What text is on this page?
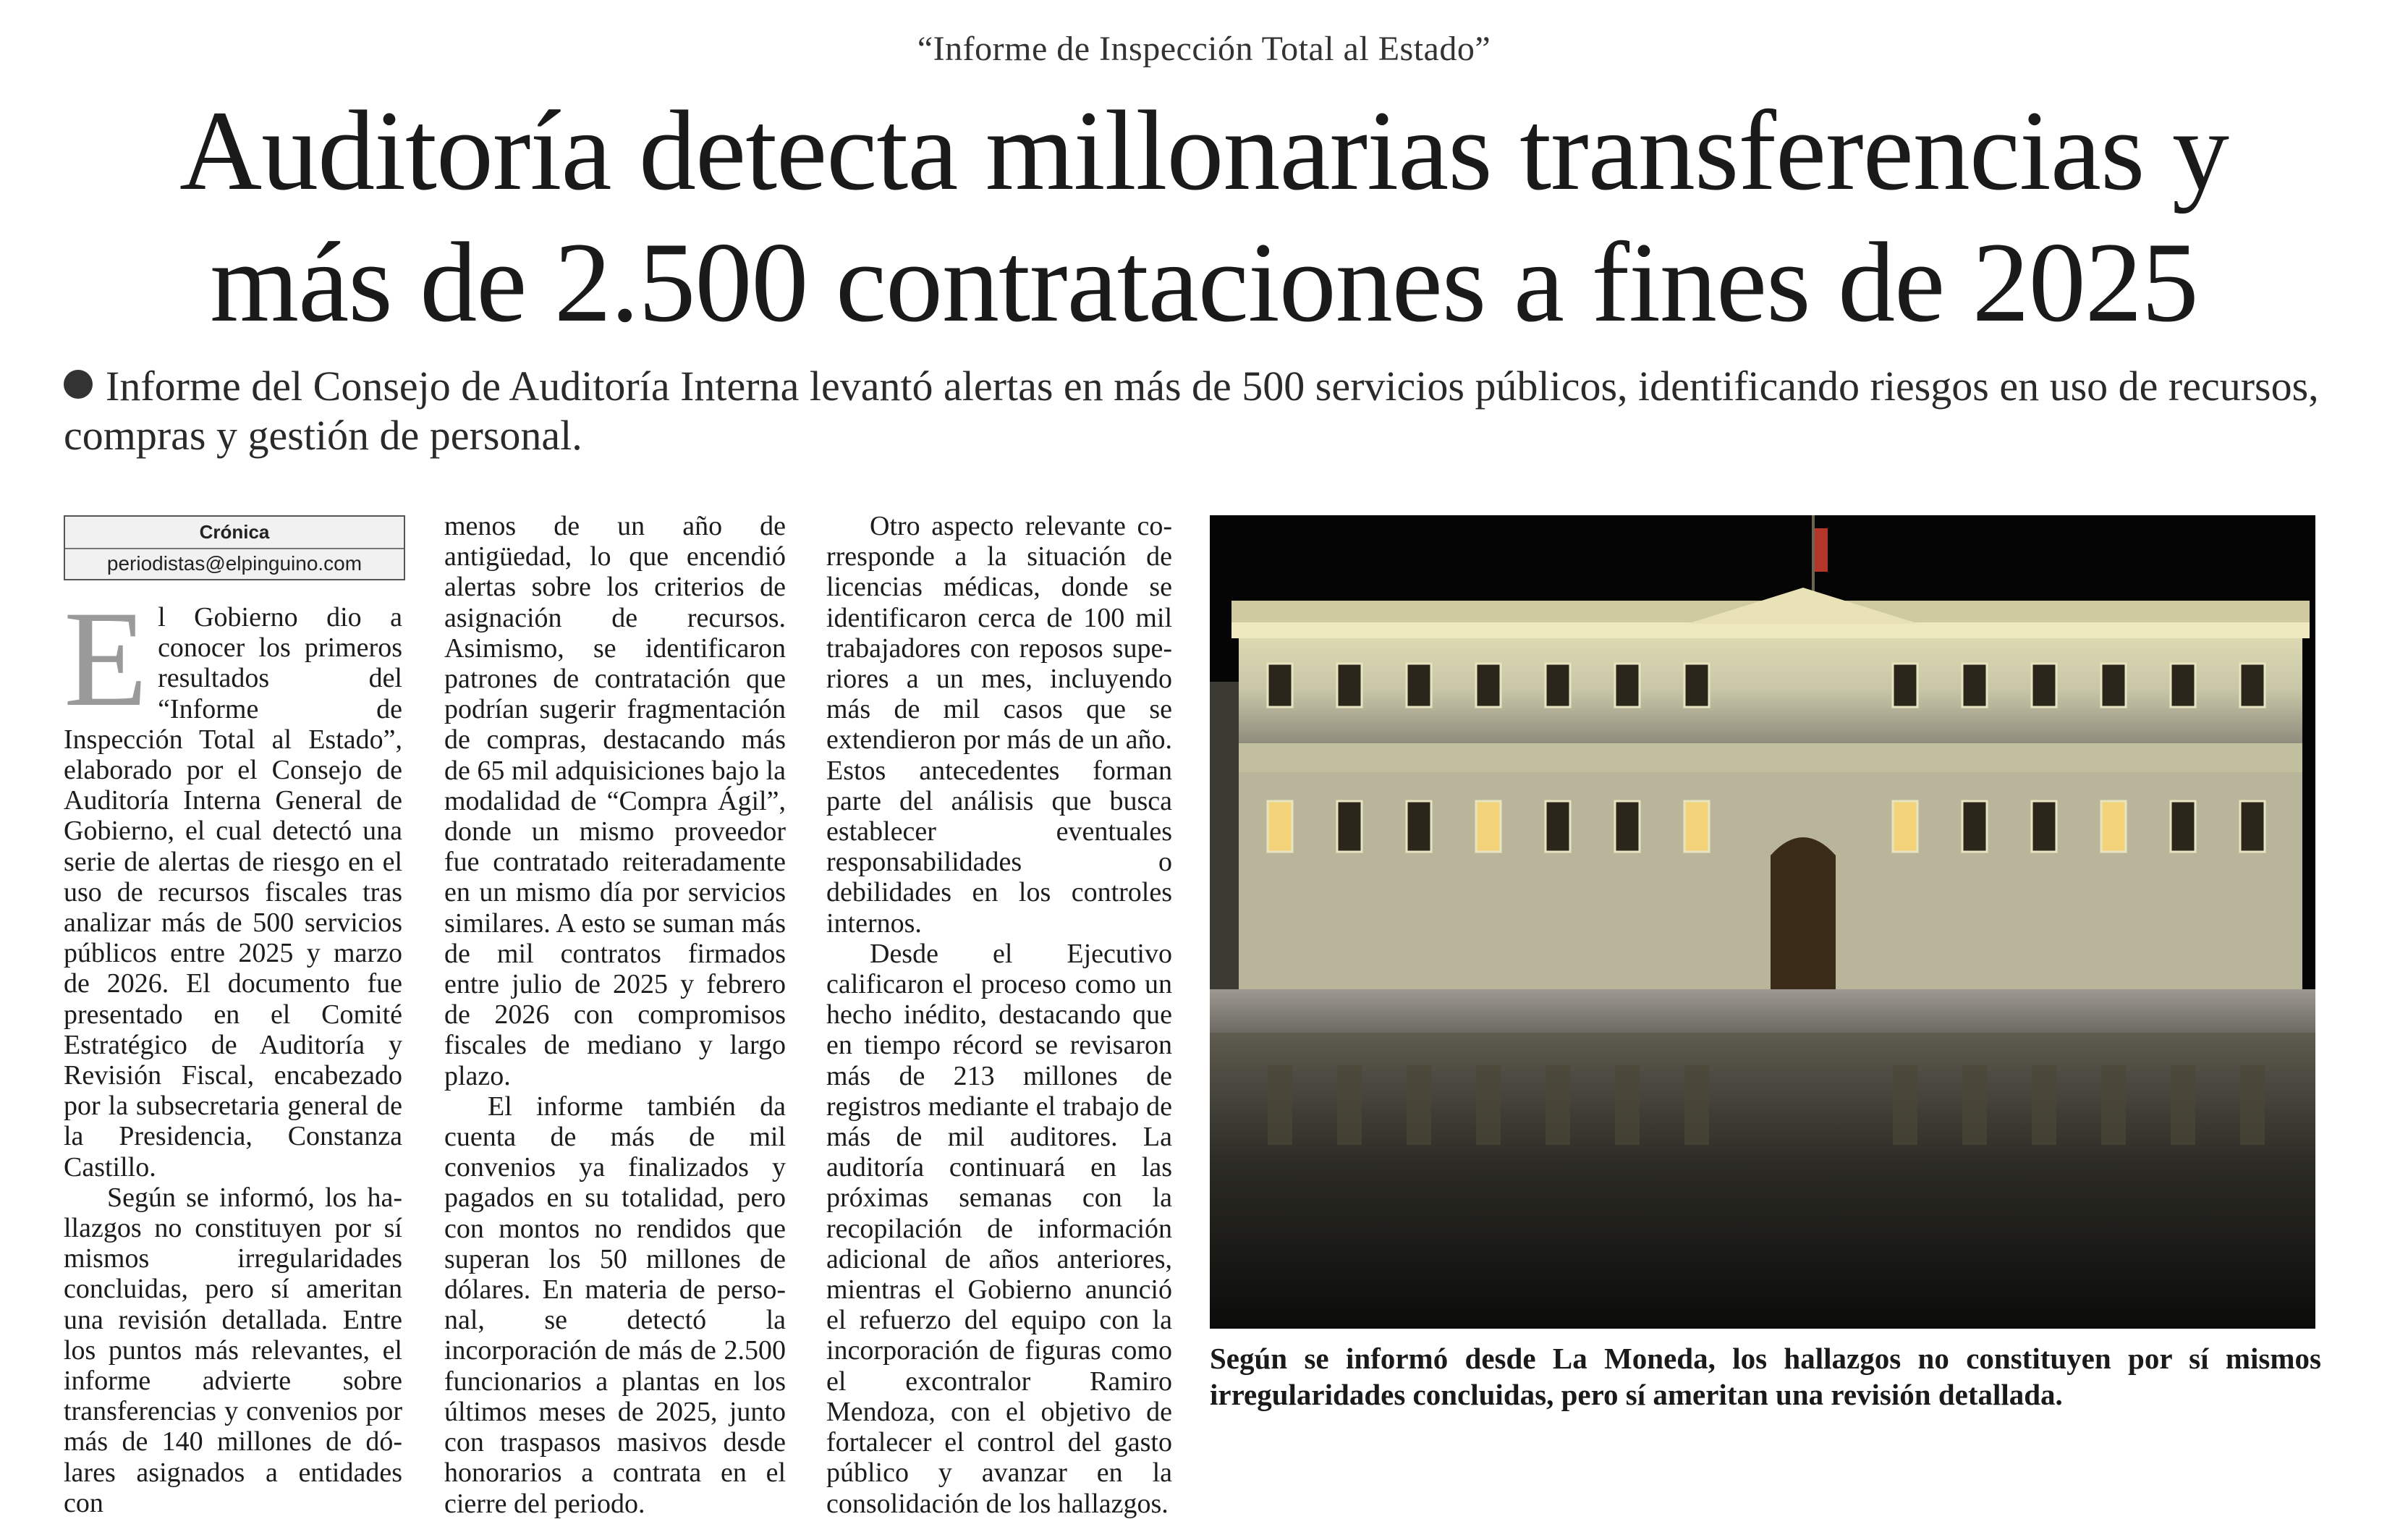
“Informe de Inspección Total al Estado”
Auditoría detecta millonarias transferencias y
más de 2.500 contrataciones a fines de 2025
Informe del Consejo de Auditoría Interna levantó alertas en más de 500 servicios públicos, identificando riesgos en uso de recursos, compras y gestión de personal.
Crónica
periodistas@elpinguino.com

El Gobierno dio a conocer los primeros resultados del “Informe de Inspección Total al Estado”, elaborado por el Consejo de Auditoría Interna General de Gobierno, el cual detectó una serie de alertas de riesgo en el uso de recursos fiscales tras analizar más de 500 servicios públicos entre 2025 y marzo de 2026. El documento fue presentado en el Comité Estratégico de Auditoría y Revisión Fiscal, encabezado por la subsecretaria general de la Presidencia, Constanza Castillo.

Según se informó, los hallazgos no constituyen por sí mismos irregularidades concluidas, pero sí ameritan una revisión detallada. Entre los puntos más relevantes, el informe advierte sobre transferencias y convenios por más de 140 millones de dólares asignados a entidades con

menos de un año de antigüedad, lo que encendió alertas sobre los criterios de asignación de recursos. Asimismo, se identificaron patrones de contratación que podrían sugerir fragmentación de compras, destacando más de 65 mil adquisiciones bajo la modalidad de “Compra Ágil”, donde un mismo proveedor fue contratado reiteradamente en un mismo día por servicios similares. A esto se suman más de mil contratos firmados entre julio de 2025 y febrero de 2026 con compromisos fiscales de mediano y largo plazo.

El informe también da cuenta de más de mil convenios ya finalizados y pagados en su totalidad, pero con montos no rendidos que superan los 50 millones de dólares. En materia de personal, se detectó la incorporación de más de 2.500 funcionarios a plantas en los últimos meses de 2025, junto con traspasos masivos desde honorarios a contrata en el cierre del periodo.

Otro aspecto relevante corresponde a la situación de licencias médicas, donde se identificaron cerca de 100 mil trabajadores con reposos superiores a un mes, incluyendo más de mil casos que se extendieron por más de un año. Estos antecedentes forman parte del análisis que busca establecer eventuales responsabilidades o debilidades en los controles internos.

Desde el Ejecutivo calificaron el proceso como un hecho inédito, destacando que en tiempo récord se revisaron más de 213 millones de registros mediante el trabajo de más de mil auditores. La auditoría continuará en las próximas semanas con la recopilación de información adicional de años anteriores, mientras el Gobierno anunció el refuerzo del equipo con la incorporación de figuras como el excontralor Ramiro Mendoza, con el objetivo de fortalecer el control del gasto público y avanzar en la consolidación de los hallazgos.

Según se informó desde La Moneda, los hallazgos no constituyen por sí mismos irregularidades concluidas, pero sí ameritan una revisión detallada.
